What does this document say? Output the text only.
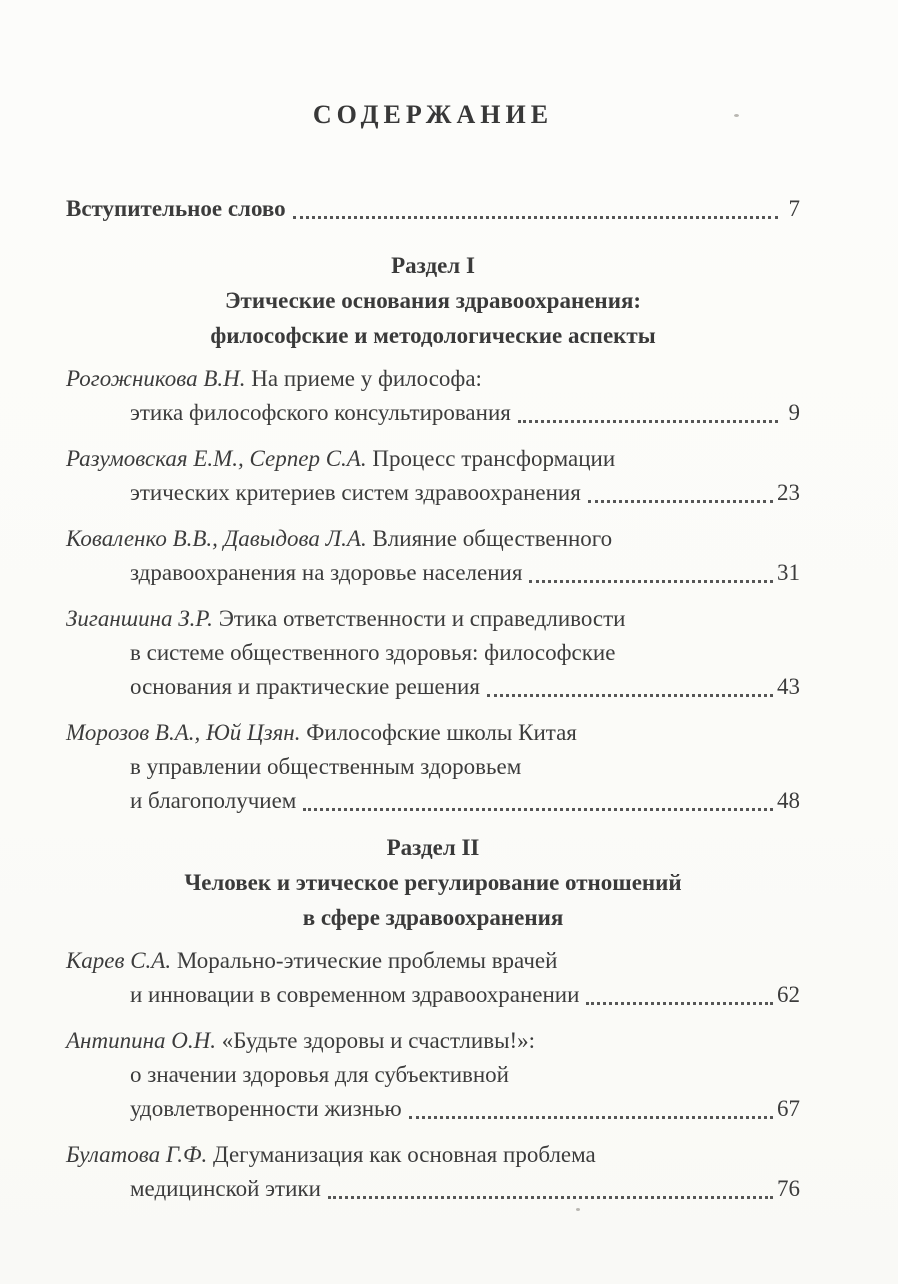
СОДЕРЖАНИЕ
Вступительное слово	7
Раздел I
Этические основания здравоохранения:
философские и методологические аспекты
Рогожникова В.Н.
На приеме у философа:
этика философского консультирования	9
Разумовская Е.М., Серпер С.А.
Процесс трансформации
этических критериев систем здравоохранения	23
Коваленко В.В., Давыдова Л.А.
Влияние общественного
здравоохранения на здоровье населения	31
Зиганшина З.Р.
Этика ответственности и справедливости
в системе общественного здоровья: философские
основания и практические решения	43
Морозов В.А., Юй Цзян.
Философские школы Китая
в управлении общественным здоровьем
и благополучием	48
Раздел II
Человек и этическое регулирование отношений
в сфере здравоохранения
Карев С.А.
Морально-этические проблемы врачей
и инновации в современном здравоохранении	62
Антипина О.Н.
«Будьте здоровы и счастливы!»:
о значении здоровья для субъективной
удовлетворенности жизнью	67
Булатова Г.Ф.
Дегуманизация как основная проблема
медицинской этики	76
